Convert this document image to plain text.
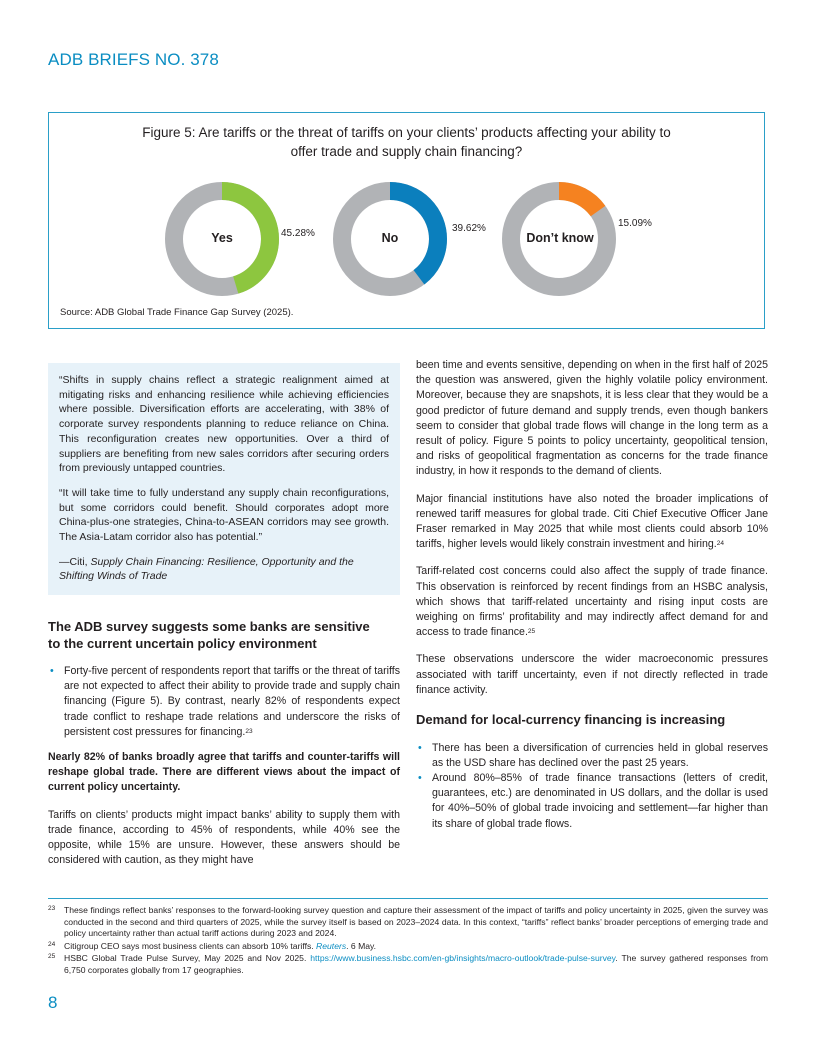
ADB BRIEFS NO. 378
Figure 5: Are tariffs or the threat of tariffs on your clients’ products affecting your ability to
offer trade and supply chain financing?
Yes	45.28%	No
39.62%
Don’t know
15.09%
Source: ADB Global Trade Finance Gap Survey (2025).

“Shifts in supply chains reflect a strategic realignment aimed at mitigating risks and enhancing resilience while achieving efficiencies where possible. Diversification efforts are accelerating, with 38% of corporate survey respondents planning to reduce reliance on China. This reconfiguration creates new opportunities. Over a third of suppliers are benefiting from new sales corridors after securing orders from previously untapped countries.

“It will take time to fully understand any supply chain reconfigurations, but some corridors could benefit. Should corporates adopt more China-plus-one strategies, China-to-ASEAN corridors may see growth. The Asia-Latam corridor also has potential.”

—Citi, Supply Chain Financing: Resilience, Opportunity and the Shifting Winds of Trade

The ADB survey suggests some banks are sensitive to the current uncertain policy environment
• Forty-five percent of respondents report that tariffs or the threat of tariffs are not expected to affect their ability to provide trade and supply chain financing (Figure 5). By contrast, nearly 82% of respondents expect trade conflict to reshape trade relations and underscore the risks of persistent cost pressures for financing.$^{23}$

Nearly 82% of banks broadly agree that tariffs and counter-tariffs will reshape global trade. There are different views about the impact of current policy uncertainty.

Tariffs on clients’ products might impact banks’ ability to supply them with trade finance, according to 45% of respondents, while 40% see the opposite, while 15% are unsure. However, these answers should be considered with caution, as they might have

been time and events sensitive, depending on when in the first half of 2025 the question was answered, given the highly volatile policy environment. Moreover, because they are snapshots, it is less clear that they would be a good predictor of future demand and supply trends, even though bankers seem to consider that global trade flows will change in the long term as a result of policy. Figure 5 points to policy uncertainty, geopolitical tension, and risks of geopolitical fragmentation as concerns for the trade finance industry, in how it responds to the demand of clients.

Major financial institutions have also noted the broader implications of renewed tariff measures for global trade. Citi Chief Executive Officer Jane Fraser remarked in May 2025 that while most clients could absorb 10% tariffs, higher levels would likely constrain investment and hiring.$^{24}$

Tariff-related cost concerns could also affect the supply of trade finance. This observation is reinforced by recent findings from an HSBC analysis, which shows that tariff-related uncertainty and rising input costs are weighing on firms’ profitability and may indirectly affect demand for and access to trade finance.$^{25}$

These observations underscore the wider macroeconomic pressures associated with tariff uncertainty, even if not directly reflected in trade finance activity.

Demand for local-currency financing is increasing
• There has been a diversification of currencies held in global reserves as the USD share has declined over the past 25 years.
• Around 80%–85% of trade finance transactions (letters of credit, guarantees, etc.) are denominated in US dollars, and the dollar is used for 40%–50% of global trade invoicing and settlement—far higher than its share of global trade flows.
23 These findings reflect banks’ responses to the forward-looking survey question and capture their assessment of the impact of tariffs and policy uncertainty in 2025, given the survey was conducted in the second and third quarters of 2025, while the survey itself is based on 2023–2024 data. In this context, “tariffs” reflect banks’ broader perceptions of emerging trade and policy uncertainty rather than actual tariff actions during 2023 and 2024.
24 Citigroup CEO says most business clients can absorb 10% tariffs. Reuters. 6 May.
25 HSBC Global Trade Pulse Survey, May 2025 and Nov 2025. https://www.business.hsbc.com/en-gb/insights/macro-outlook/trade-pulse-survey. The survey gathered responses from 6,750 corporates globally from 17 geographies.
8
